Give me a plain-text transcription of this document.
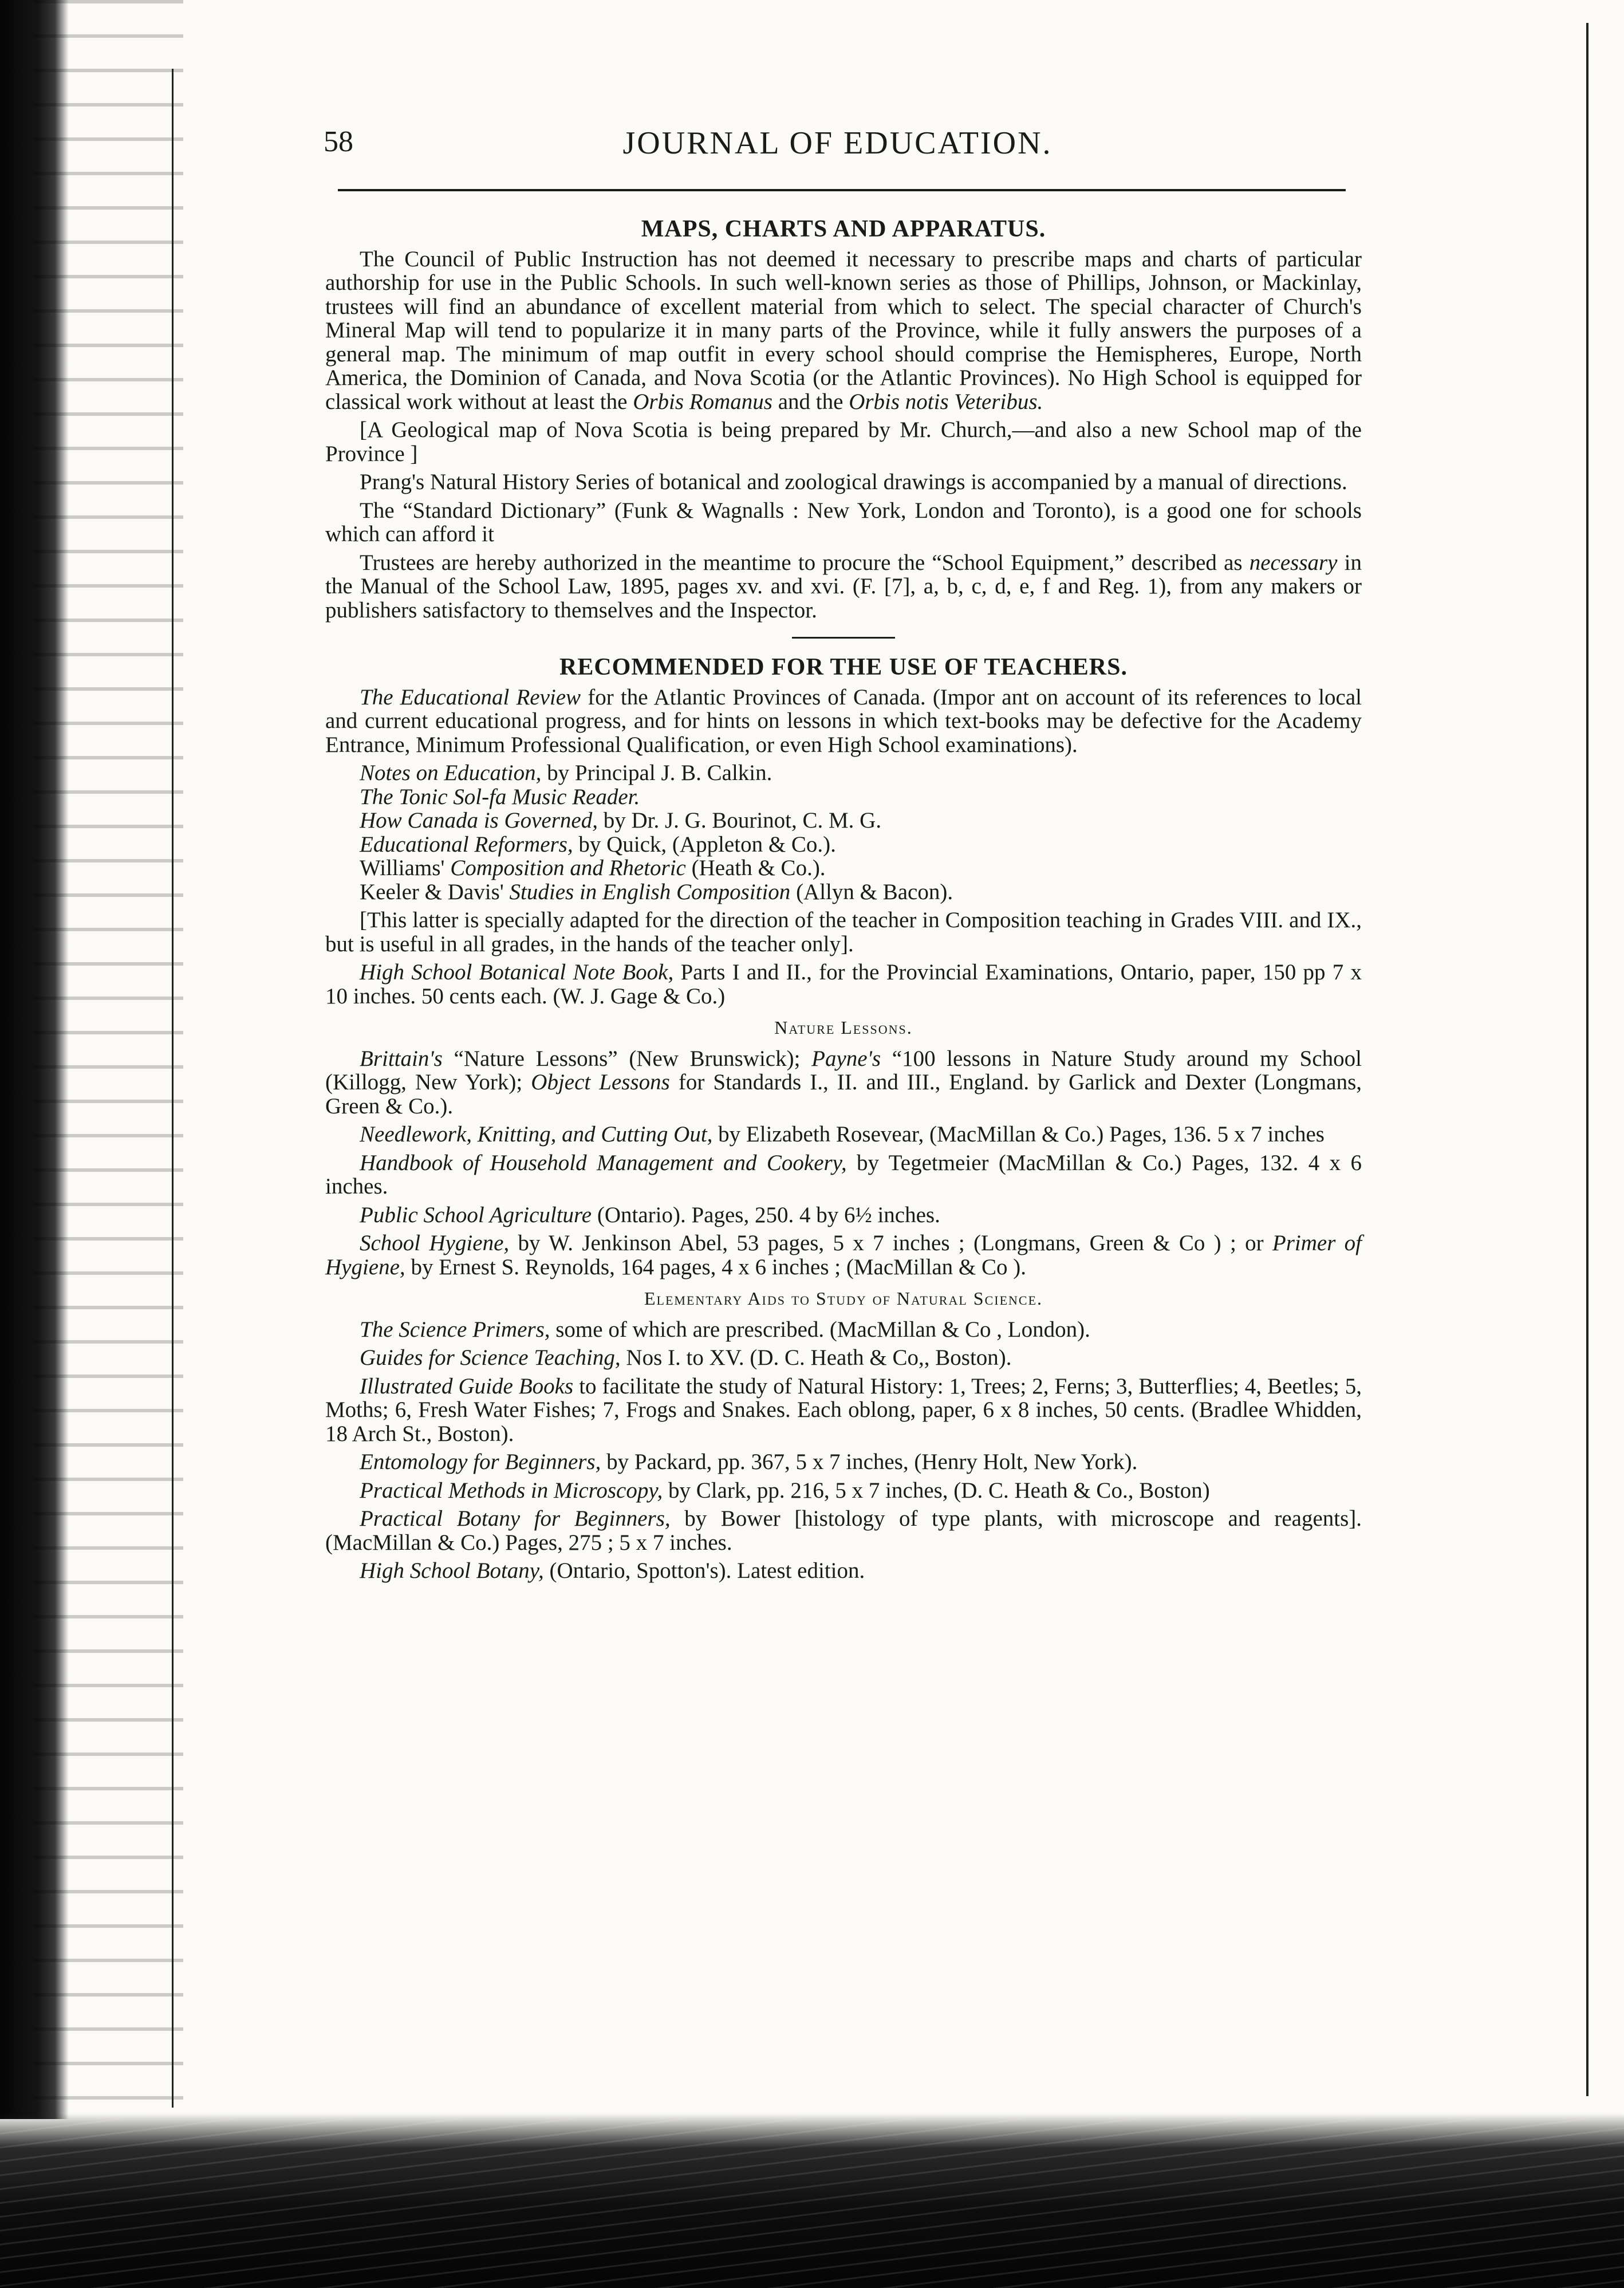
58	JOURNAL OF EDUCATION.
MAPS, CHARTS AND APPARATUS.

The Council of Public Instruction has not deemed it necessary to prescribe maps and charts of particular authorship for use in the Public Schools. In such well-known series as those of Phillips, Johnson, or Mackinlay, trustees will find an abundance of excellent material from which to select. The special character of Church's Mineral Map will tend to popularize it in many parts of the Province, while it fully answers the purposes of a general map. The minimum of map outfit in every school should comprise the Hemispheres, Europe, North America, the Dominion of Canada, and Nova Scotia (or the Atlantic Provinces). No High School is equipped for classical work without at least the Orbis Romanus and the Orbis notis Veteribus.

[A Geological map of Nova Scotia is being prepared by Mr. Church,—and also a new School map of the Province ]

Prang's Natural History Series of botanical and zoological drawings is accompanied by a manual of directions.

The “Standard Dictionary” (Funk & Wagnalls : New York, London and Toronto), is a good one for schools which can afford it

Trustees are hereby authorized in the meantime to procure the “School Equipment,” described as necessary in the Manual of the School Law, 1895, pages xv. and xvi. (F. [7], a, b, c, d, e, f and Reg. 1), from any makers or publishers satisfactory to themselves and the Inspector.

RECOMMENDED FOR THE USE OF TEACHERS.

The Educational Review for the Atlantic Provinces of Canada. (Impor ant on account of its references to local and current educational progress, and for hints on lessons in which text-books may be defective for the Academy Entrance, Minimum Professional Qualification, or even High School examinations).

Notes on Education, by Principal J. B. Calkin.

The Tonic Sol-fa Music Reader.

How Canada is Governed, by Dr. J. G. Bourinot, C. M. G.

Educational Reformers, by Quick, (Appleton & Co.).

Williams' Composition and Rhetoric (Heath & Co.).

Keeler & Davis' Studies in English Composition (Allyn & Bacon).

[This latter is specially adapted for the direction of the teacher in Composition teaching in Grades VIII. and IX., but is useful in all grades, in the hands of the teacher only].

High School Botanical Note Book, Parts I and II., for the Provincial Examinations, Ontario, paper, 150 pp 7 x 10 inches. 50 cents each. (W. J. Gage & Co.)

Nature Lessons.

Brittain's “Nature Lessons” (New Brunswick); Payne's “100 lessons in Nature Study around my School (Killogg, New York); Object Lessons for Standards I., II. and III., England. by Garlick and Dexter (Longmans, Green & Co.).

Needlework, Knitting, and Cutting Out, by Elizabeth Rosevear, (MacMillan & Co.) Pages, 136. 5 x 7 inches

Handbook of Household Management and Cookery, by Tegetmeier (MacMillan & Co.) Pages, 132. 4 x 6 inches.

Public School Agriculture (Ontario). Pages, 250. 4 by 6½ inches.

School Hygiene, by W. Jenkinson Abel, 53 pages, 5 x 7 inches ; (Longmans, Green & Co ) ; or Primer of Hygiene, by Ernest S. Reynolds, 164 pages, 4 x 6 inches ; (MacMillan & Co ).

Elementary Aids to Study of Natural Science.

The Science Primers, some of which are prescribed. (MacMillan & Co , London).

Guides for Science Teaching, Nos I. to XV. (D. C. Heath & Co,, Boston).

Illustrated Guide Books to facilitate the study of Natural History: 1, Trees; 2, Ferns; 3, Butterflies; 4, Beetles; 5, Moths; 6, Fresh Water Fishes; 7, Frogs and Snakes. Each oblong, paper, 6 x 8 inches, 50 cents. (Bradlee Whidden, 18 Arch St., Boston).

Entomology for Beginners, by Packard, pp. 367, 5 x 7 inches, (Henry Holt, New York).

Practical Methods in Microscopy, by Clark, pp. 216, 5 x 7 inches, (D. C. Heath & Co., Boston)

Practical Botany for Beginners, by Bower [histology of type plants, with microscope and reagents]. (MacMillan & Co.) Pages, 275 ; 5 x 7 inches.

High School Botany, (Ontario, Spotton's). Latest edition.
